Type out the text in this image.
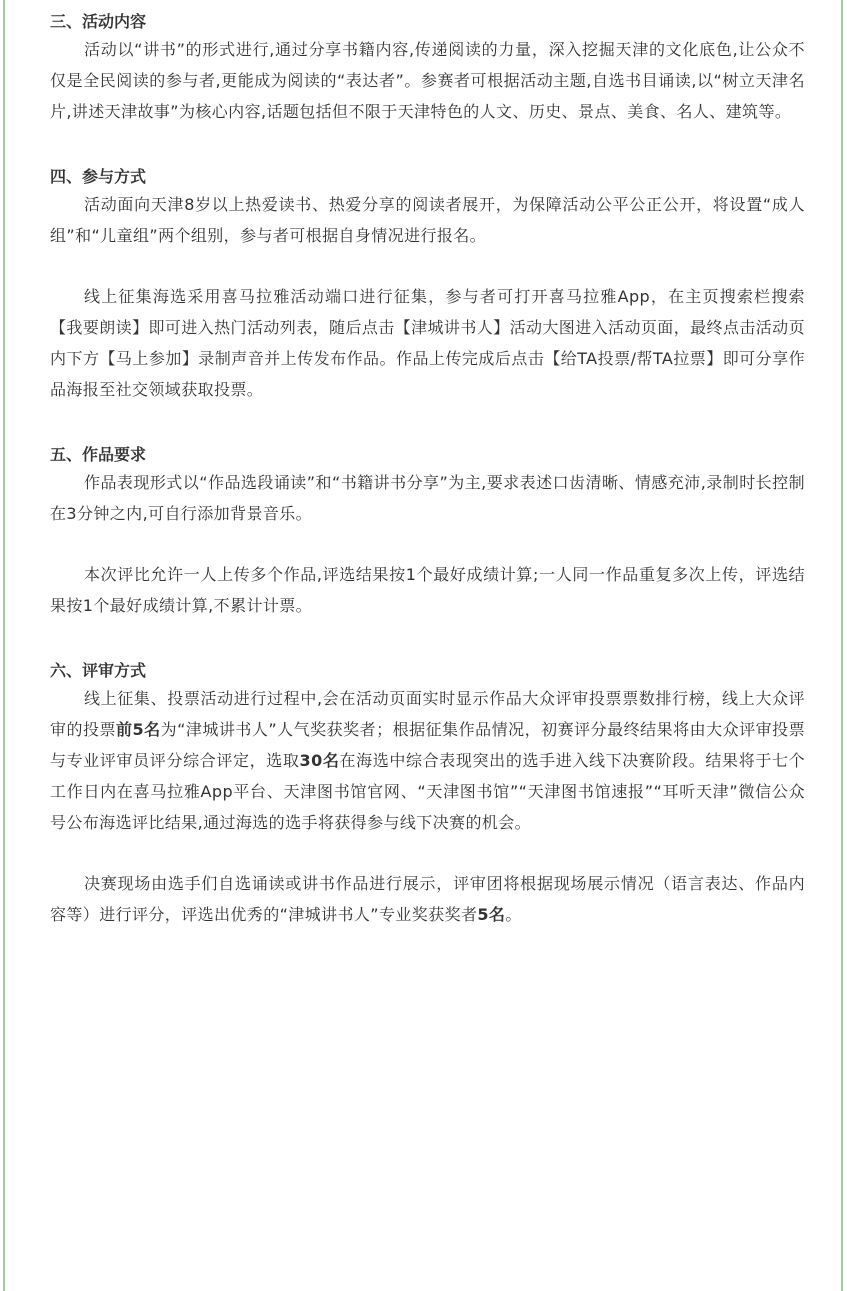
三、活动内容

活动以“讲书”的形式进行,通过分享书籍内容,传递阅读的力量，深入挖掘天津的文化底色,让公众不仅是全民阅读的参与者,更能成为阅读的“表达者”。参赛者可根据活动主题,自选书目诵读,以“树立天津名片,讲述天津故事”为核心内容,话题包括但不限于天津特色的人文、历史、景点、美食、名人、建筑等。

四、参与方式

活动面向天津8岁以上热爱读书、热爱分享的阅读者展开，为保障活动公平公正公开，将设置“成人组”和“儿童组”两个组别，参与者可根据自身情况进行报名。

线上征集海选采用喜马拉雅活动端口进行征集，参与者可打开喜马拉雅App，在主页搜索栏搜索【我要朗读】即可进入热门活动列表，随后点击【津城讲书人】活动大图进入活动页面，最终点击活动页内下方【马上参加】录制声音并上传发布作品。作品上传完成后点击【给TA投票/帮TA拉票】即可分享作品海报至社交领域获取投票。

五、作品要求

作品表现形式以“作品选段诵读”和“书籍讲书分享”为主,要求表述口齿清晰、情感充沛,录制时长控制在3分钟之内,可自行添加背景音乐。

本次评比允许一人上传多个作品,评选结果按1个最好成绩计算;一人同一作品重复多次上传，评选结果按1个最好成绩计算,不累计计票。

六、评审方式

线上征集、投票活动进行过程中,会在活动页面实时显示作品大众评审投票票数排行榜，线上大众评审的投票前5名为“津城讲书人”人气奖获奖者；根据征集作品情况，初赛评分最终结果将由大众评审投票与专业评审员评分综合评定，选取30名在海选中综合表现突出的选手进入线下决赛阶段。结果将于七个工作日内在喜马拉雅App平台、天津图书馆官网、“天津图书馆”“天津图书馆速报”“耳听天津”微信公众号公布海选评比结果,通过海选的选手将获得参与线下决赛的机会。

决赛现场由选手们自选诵读或讲书作品进行展示，评审团将根据现场展示情况（语言表达、作品内容等）进行评分，评选出优秀的“津城讲书人”专业奖获奖者5名。
